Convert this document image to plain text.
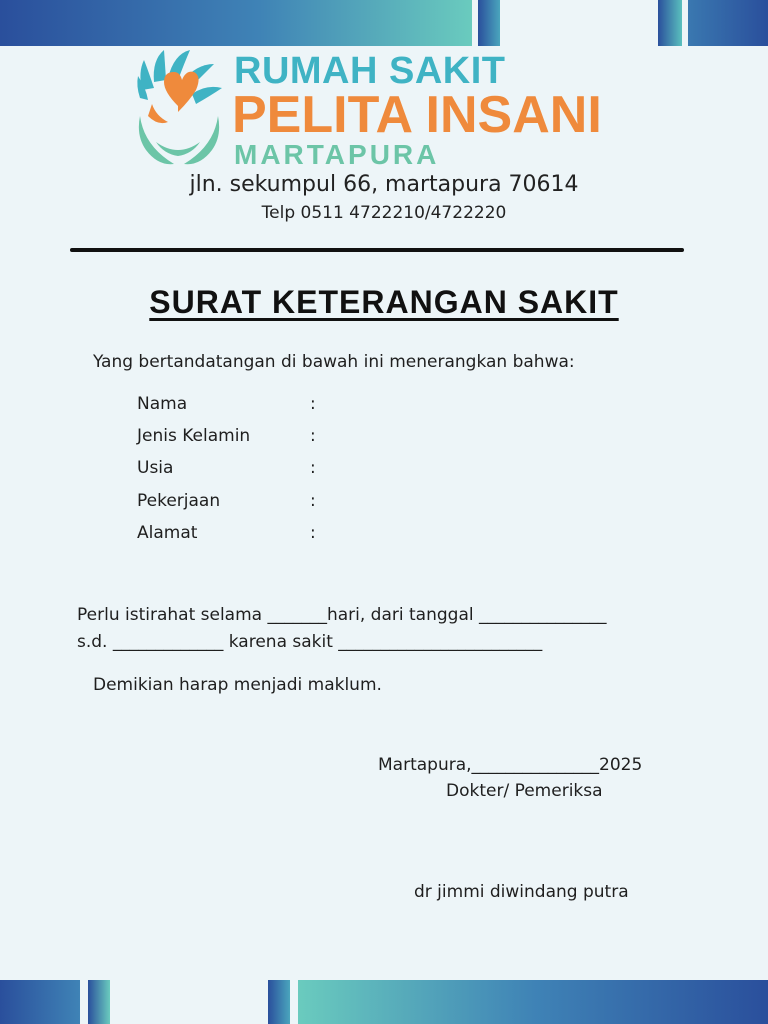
RUMAH SAKIT
PELITA INSANI
MARTAPURA
jln. sekumpul 66, martapura 70614
Telp 0511 4722210/4722220
SURAT KETERANGAN SAKIT
Yang bertandatangan di bawah ini menerangkan bahwa:
Nama	:
Jenis Kelamin	:
Usia	:
Pekerjaan	:
Alamat	:
Perlu istirahat selama _______hari, dari tanggal _______________
s.d. _____________ karena sakit ________________________
Demikian harap menjadi maklum.
Martapura,_______________2025
Dokter/ Pemeriksa
dr jimmi diwindang putra
